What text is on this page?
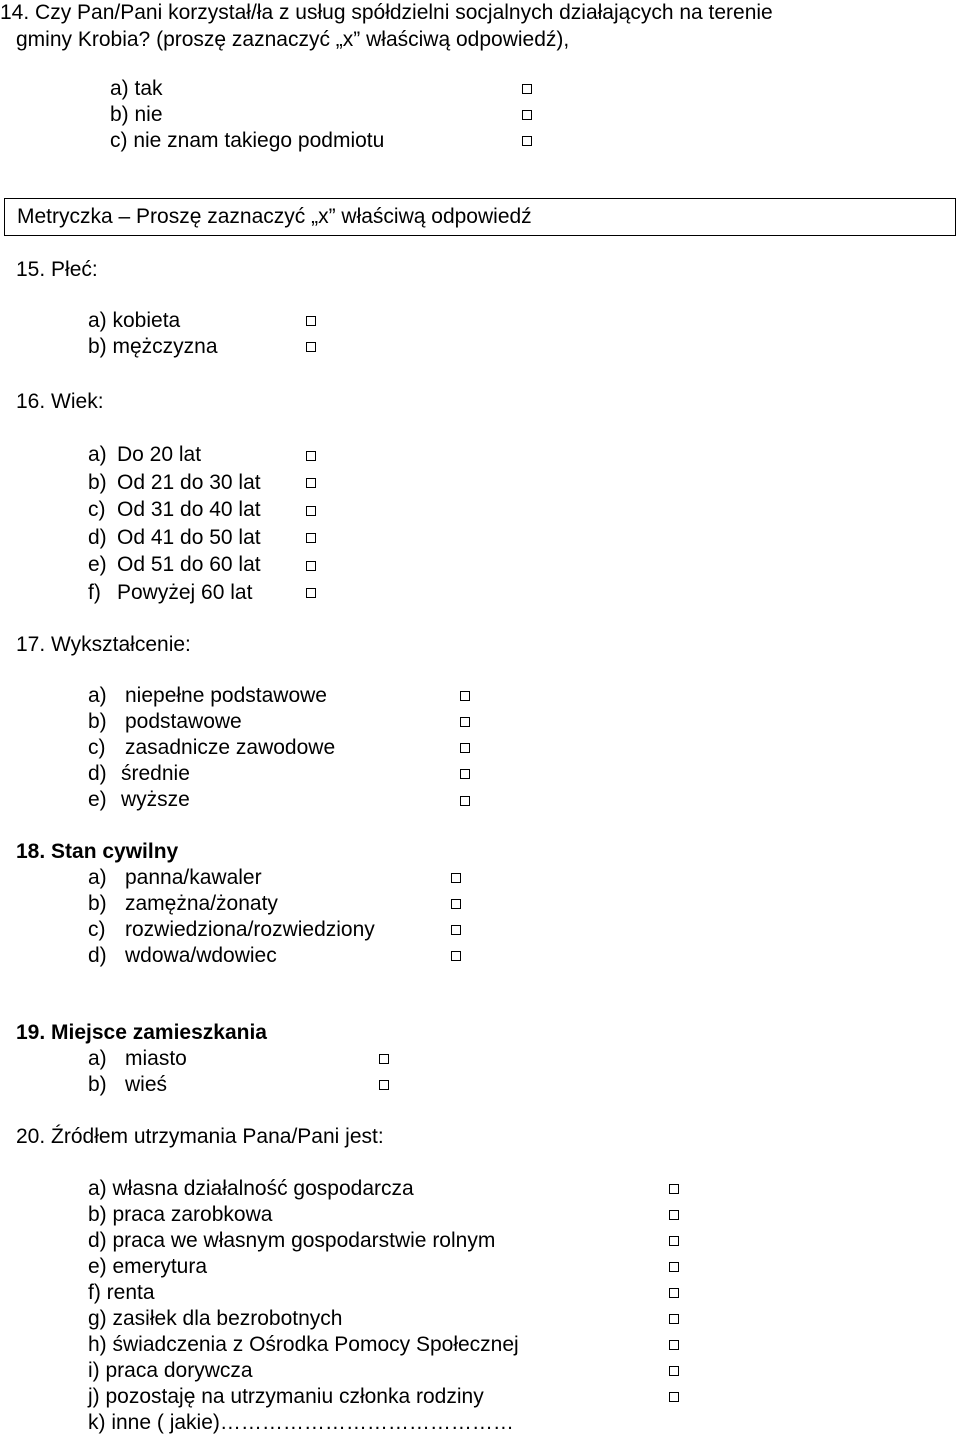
14. Czy Pan/Pani korzystał/ła z usług spółdzielni socjalnych działających na terenie
gminy Krobia? (proszę zaznaczyć „x” właściwą odpowiedź),
a) tak
b) nie
c) nie znam takiego podmiotu
Metryczka – Proszę zaznaczyć „x” właściwą odpowiedź
15. Płeć:
a) kobieta
b) mężczyzna
16. Wiek:
a) Do 20 lat
b) Od 21 do 30 lat
c) Od 31 do 40 lat
d) Od 41 do 50 lat
e) Od 51 do 60 lat
f) Powyżej 60 lat
17. Wykształcenie:
a) niepełne podstawowe
b) podstawowe
c) zasadnicze zawodowe
d) średnie
e) wyższe
18. Stan cywilny
a) panna/kawaler
b) zamężna/żonaty
c) rozwiedziona/rozwiedziony
d) wdowa/wdowiec
19. Miejsce zamieszkania
a) miasto
b) wieś
20. Źródłem utrzymania Pana/Pani jest:
a) własna działalność gospodarcza
b) praca zarobkowa
d) praca we własnym gospodarstwie rolnym
e) emerytura
f) renta
g) zasiłek dla bezrobotnych
h) świadczenia z Ośrodka Pomocy Społecznej
i) praca dorywcza
j) pozostaję na utrzymaniu członka rodziny
k) inne ( jakie)……………………………………
